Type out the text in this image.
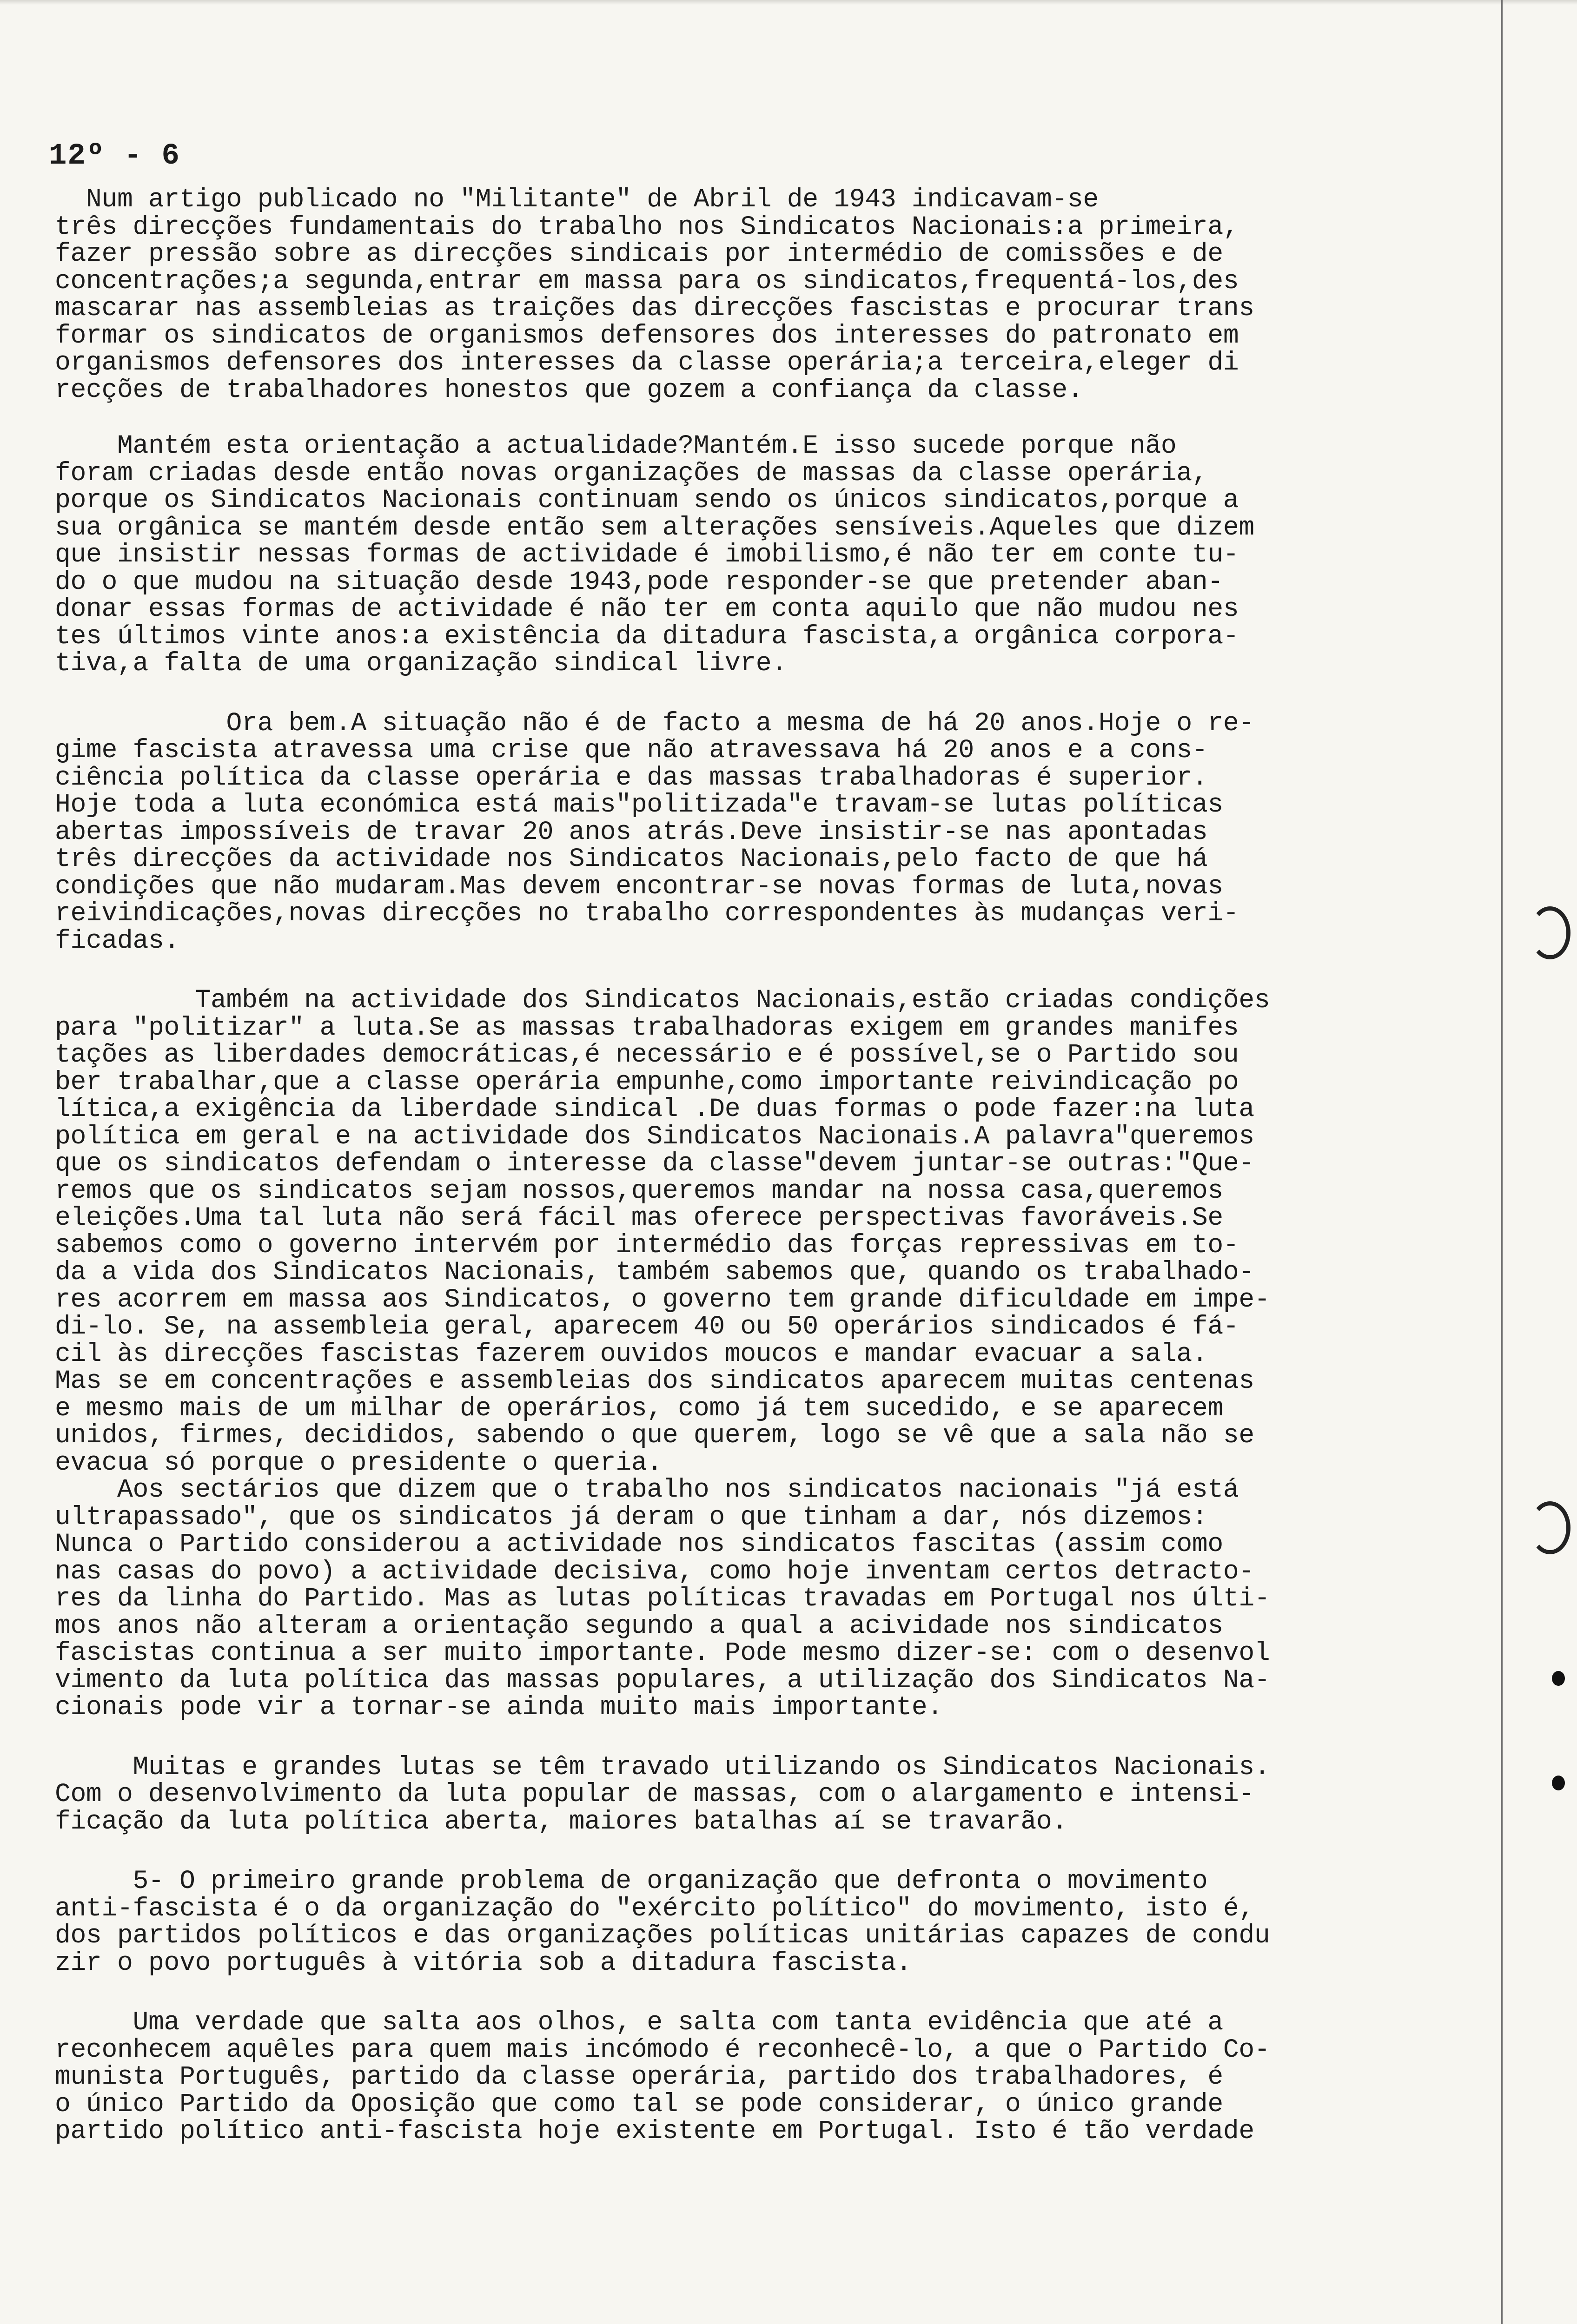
12º - 6

Num artigo publicado no "Militante" de Abril de 1943 indicavam-se
três direcções fundamentais do trabalho nos Sindicatos Nacionais:a primeira,
fazer pressão sobre as direcções sindicais por intermédio de comissões e de
concentrações;a segunda,entrar em massa para os sindicatos,frequentá-los,des
mascarar nas assembleias as traições das direcções fascistas e procurar trans
formar os sindicatos de organismos defensores dos interesses do patronato em
organismos defensores dos interesses da classe operária;a terceira,eleger di
recções de trabalhadores honestos que gozem a confiança da classe.

Mantém esta orientação a actualidade?Mantém.E isso sucede porque não
foram criadas desde então novas organizações de massas da classe operária,
porque os Sindicatos Nacionais continuam sendo os únicos sindicatos,porque a
sua orgânica se mantém desde então sem alterações sensíveis.Aqueles que dizem
que insistir nessas formas de actividade é imobilismo,é não ter em conte tu-
do o que mudou na situação desde 1943,pode responder-se que pretender aban-
donar essas formas de actividade é não ter em conta aquilo que não mudou nes
tes últimos vinte anos:a existência da ditadura fascista,a orgânica corpora-
tiva,a falta de uma organização sindical livre.

Ora bem.A situação não é de facto a mesma de há 20 anos.Hoje o re-
gime fascista atravessa uma crise que não atravessava há 20 anos e a cons-
ciência política da classe operária e das massas trabalhadoras é superior.
Hoje toda a luta económica está mais"politizada"e travam-se lutas políticas
abertas impossíveis de travar 20 anos atrás.Deve insistir-se nas apontadas
três direcções da actividade nos Sindicatos Nacionais,pelo facto de que há
condições que não mudaram.Mas devem encontrar-se novas formas de luta,novas
reivindicações,novas direcções no trabalho correspondentes às mudanças veri-
ficadas.

Também na actividade dos Sindicatos Nacionais,estão criadas condições
para "politizar" a luta.Se as massas trabalhadoras exigem em grandes manifes
tações as liberdades democráticas,é necessário e é possível,se o Partido sou
ber trabalhar,que a classe operária empunhe,como importante reivindicação po
lítica,a exigência da liberdade sindical .De duas formas o pode fazer:na luta
política em geral e na actividade dos Sindicatos Nacionais.A palavra"queremos
que os sindicatos defendam o interesse da classe"devem juntar-se outras:"Que-
remos que os sindicatos sejam nossos,queremos mandar na nossa casa,queremos
eleições.Uma tal luta não será fácil mas oferece perspectivas favoráveis.Se
sabemos como o governo intervém por intermédio das forças repressivas em to-
da a vida dos Sindicatos Nacionais, também sabemos que, quando os trabalhado-
res acorrem em massa aos Sindicatos, o governo tem grande dificuldade em impe-
di-lo. Se, na assembleia geral, aparecem 40 ou 50 operários sindicados é fá-
cil às direcções fascistas fazerem ouvidos moucos e mandar evacuar a sala.
Mas se em concentrações e assembleias dos sindicatos aparecem muitas centenas
e mesmo mais de um milhar de operários, como já tem sucedido, e se aparecem
unidos, firmes, decididos, sabendo o que querem, logo se vê que a sala não se
evacua só porque o presidente o queria.

Aos sectários que dizem que o trabalho nos sindicatos nacionais "já está
ultrapassado", que os sindicatos já deram o que tinham a dar, nós dizemos:
Nunca o Partido considerou a actividade nos sindicatos fascitas (assim como
nas casas do povo) a actividade decisiva, como hoje inventam certos detracto-
res da linha do Partido. Mas as lutas políticas travadas em Portugal nos últi-
mos anos não alteram a orientação segundo a qual a acividade nos sindicatos
fascistas continua a ser muito importante. Pode mesmo dizer-se: com o desenvol
vimento da luta política das massas populares, a utilização dos Sindicatos Na-
cionais pode vir a tornar-se ainda muito mais importante.

Muitas e grandes lutas se têm travado utilizando os Sindicatos Nacionais.
Com o desenvolvimento da luta popular de massas, com o alargamento e intensi-
ficação da luta política aberta, maiores batalhas aí se travarão.

5- O primeiro grande problema de organização que defronta o movimento
anti-fascista é o da organização do "exército político" do movimento, isto é,
dos partidos políticos e das organizações políticas unitárias capazes de condu
zir o povo português à vitória sob a ditadura fascista.

Uma verdade que salta aos olhos, e salta com tanta evidência que até a
reconhecem aquêles para quem mais incómodo é reconhecê-lo, a que o Partido Co-
munista Português, partido da classe operária, partido dos trabalhadores, é
o único Partido da Oposição que como tal se pode considerar, o único grande
partido político anti-fascista hoje existente em Portugal. Isto é tão verdade
